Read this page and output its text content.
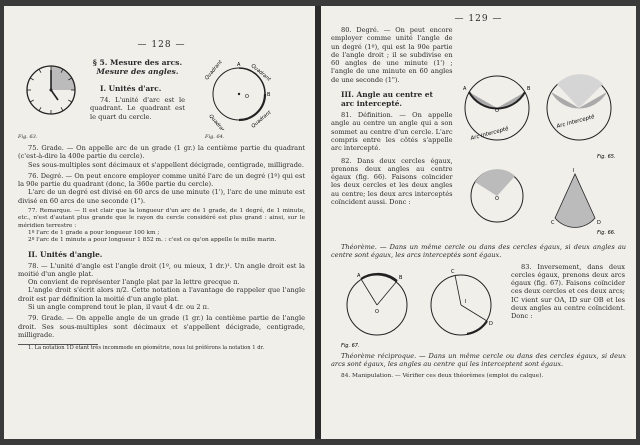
— 128 —
Fig. 63.
§ 5. Mesure des arcs.
Mesure des angles.
I. Unités d'arc.

74. L'unité d'arc est le quadrant. Le quadrant est le quart du cercle.

O
A
B
Quadrant	Quadrant
Quadrant	Quadrant
Fig. 64.

75. Grade. — On appelle arc de un grade (1 gr.) la centième partie du quadrant (c'est-à-dire la 400e partie du cercle).

Ses sous-multiples sont décimaux et s'appellent décigrade, centigrade, milligrade.

76. Degré. — On peut encore employer comme unité l'arc de un degré (1º) qui est la 90e partie du quadrant (donc, la 360e partie du cercle).

L'arc de un degré est divisé en 60 arcs de une minute (1'), l'arc de une minute est divisé en 60 arcs de une seconde (1").

77. Remarque. — Il est clair que la longueur d'un arc de 1 grade, de 1 degré, de 1 minute, etc., n'est d'autant plus grande que le rayon du cercle considéré est plus grand : ainsi, sur le méridien terrestre :

1º l'arc de 1 grade a pour longueur 100 km ;

2º l'arc de 1 minute a pour longueur 1 852 m. : c'est ce qu'on appelle le mille marin.

II. Unités d'angle.

78. — L'unité d'angle est l'angle droit (1º, ou mieux, 1 dr.)¹. Un angle droit est la moitié d'un angle plat.

On convient de représenter l'angle plat par la lettre grecque π.

L'angle droit s'écrit alors π/2. Cette notation a l'avantage de rappeler que l'angle droit est par définition la moitié d'un angle plat.

Si un angle comprend tout le plan, il vaut 4 dr. ou 2 π.

79. Grade. — On appelle angle de un grade (1 gr.) la centième partie de l'angle droit. Ses sous-multiples sont décimaux et s'appellent décigrade, centigrade, milligrade.

1. La notation 1D étant très incommode en géométrie, nous lui préférons la notation 1 dr.

— 129 —

80. Degré. — On peut encore employer comme unité l'angle de un degré (1º), qui est la 90e partie de l'angle droit ; il se subdivise en 60 angles de une minute (1') ; l'angle de une minute en 60 angles de une seconde (1").

III. Angle au centre et
arc intercepté.

81. Définition. — On appelle angle au centre un angle qui a son sommet au centre d'un cercle. L'arc compris entre les côtés s'appelle arc intercepté.

82. Dans deux cercles égaux, prenons deux angles au centre égaux (fig. 66). Faisons coïncider les deux cercles et les deux angles au centre; les deux arcs interceptés coïncident aussi. Donc :

A	B
O
Arc intercepté
Arc intercepté
Fig. 65.

O
I
C	D
Fig. 66.

Théorème. — Dans un même cercle ou dans des cercles égaux, si deux angles au centre sont égaux, les arcs interceptés sont égaux.

A	B
O
C
D
I
Fig. 67.

83. Inversement, dans deux cercles égaux, prenons deux arcs égaux (fig. 67). Faisons coïncider ces deux cercles et ces deux arcs; IC vient sur OA, ID sur OB et les deux angles au centre coïncident. Donc :

Théorème réciproque. — Dans un même cercle ou dans des cercles égaux, si deux arcs sont égaux, les angles au centre qui les interceptent sont égaux.

84. Manipulation. — Vérifier ces deux théorèmes (emploi du calque).
